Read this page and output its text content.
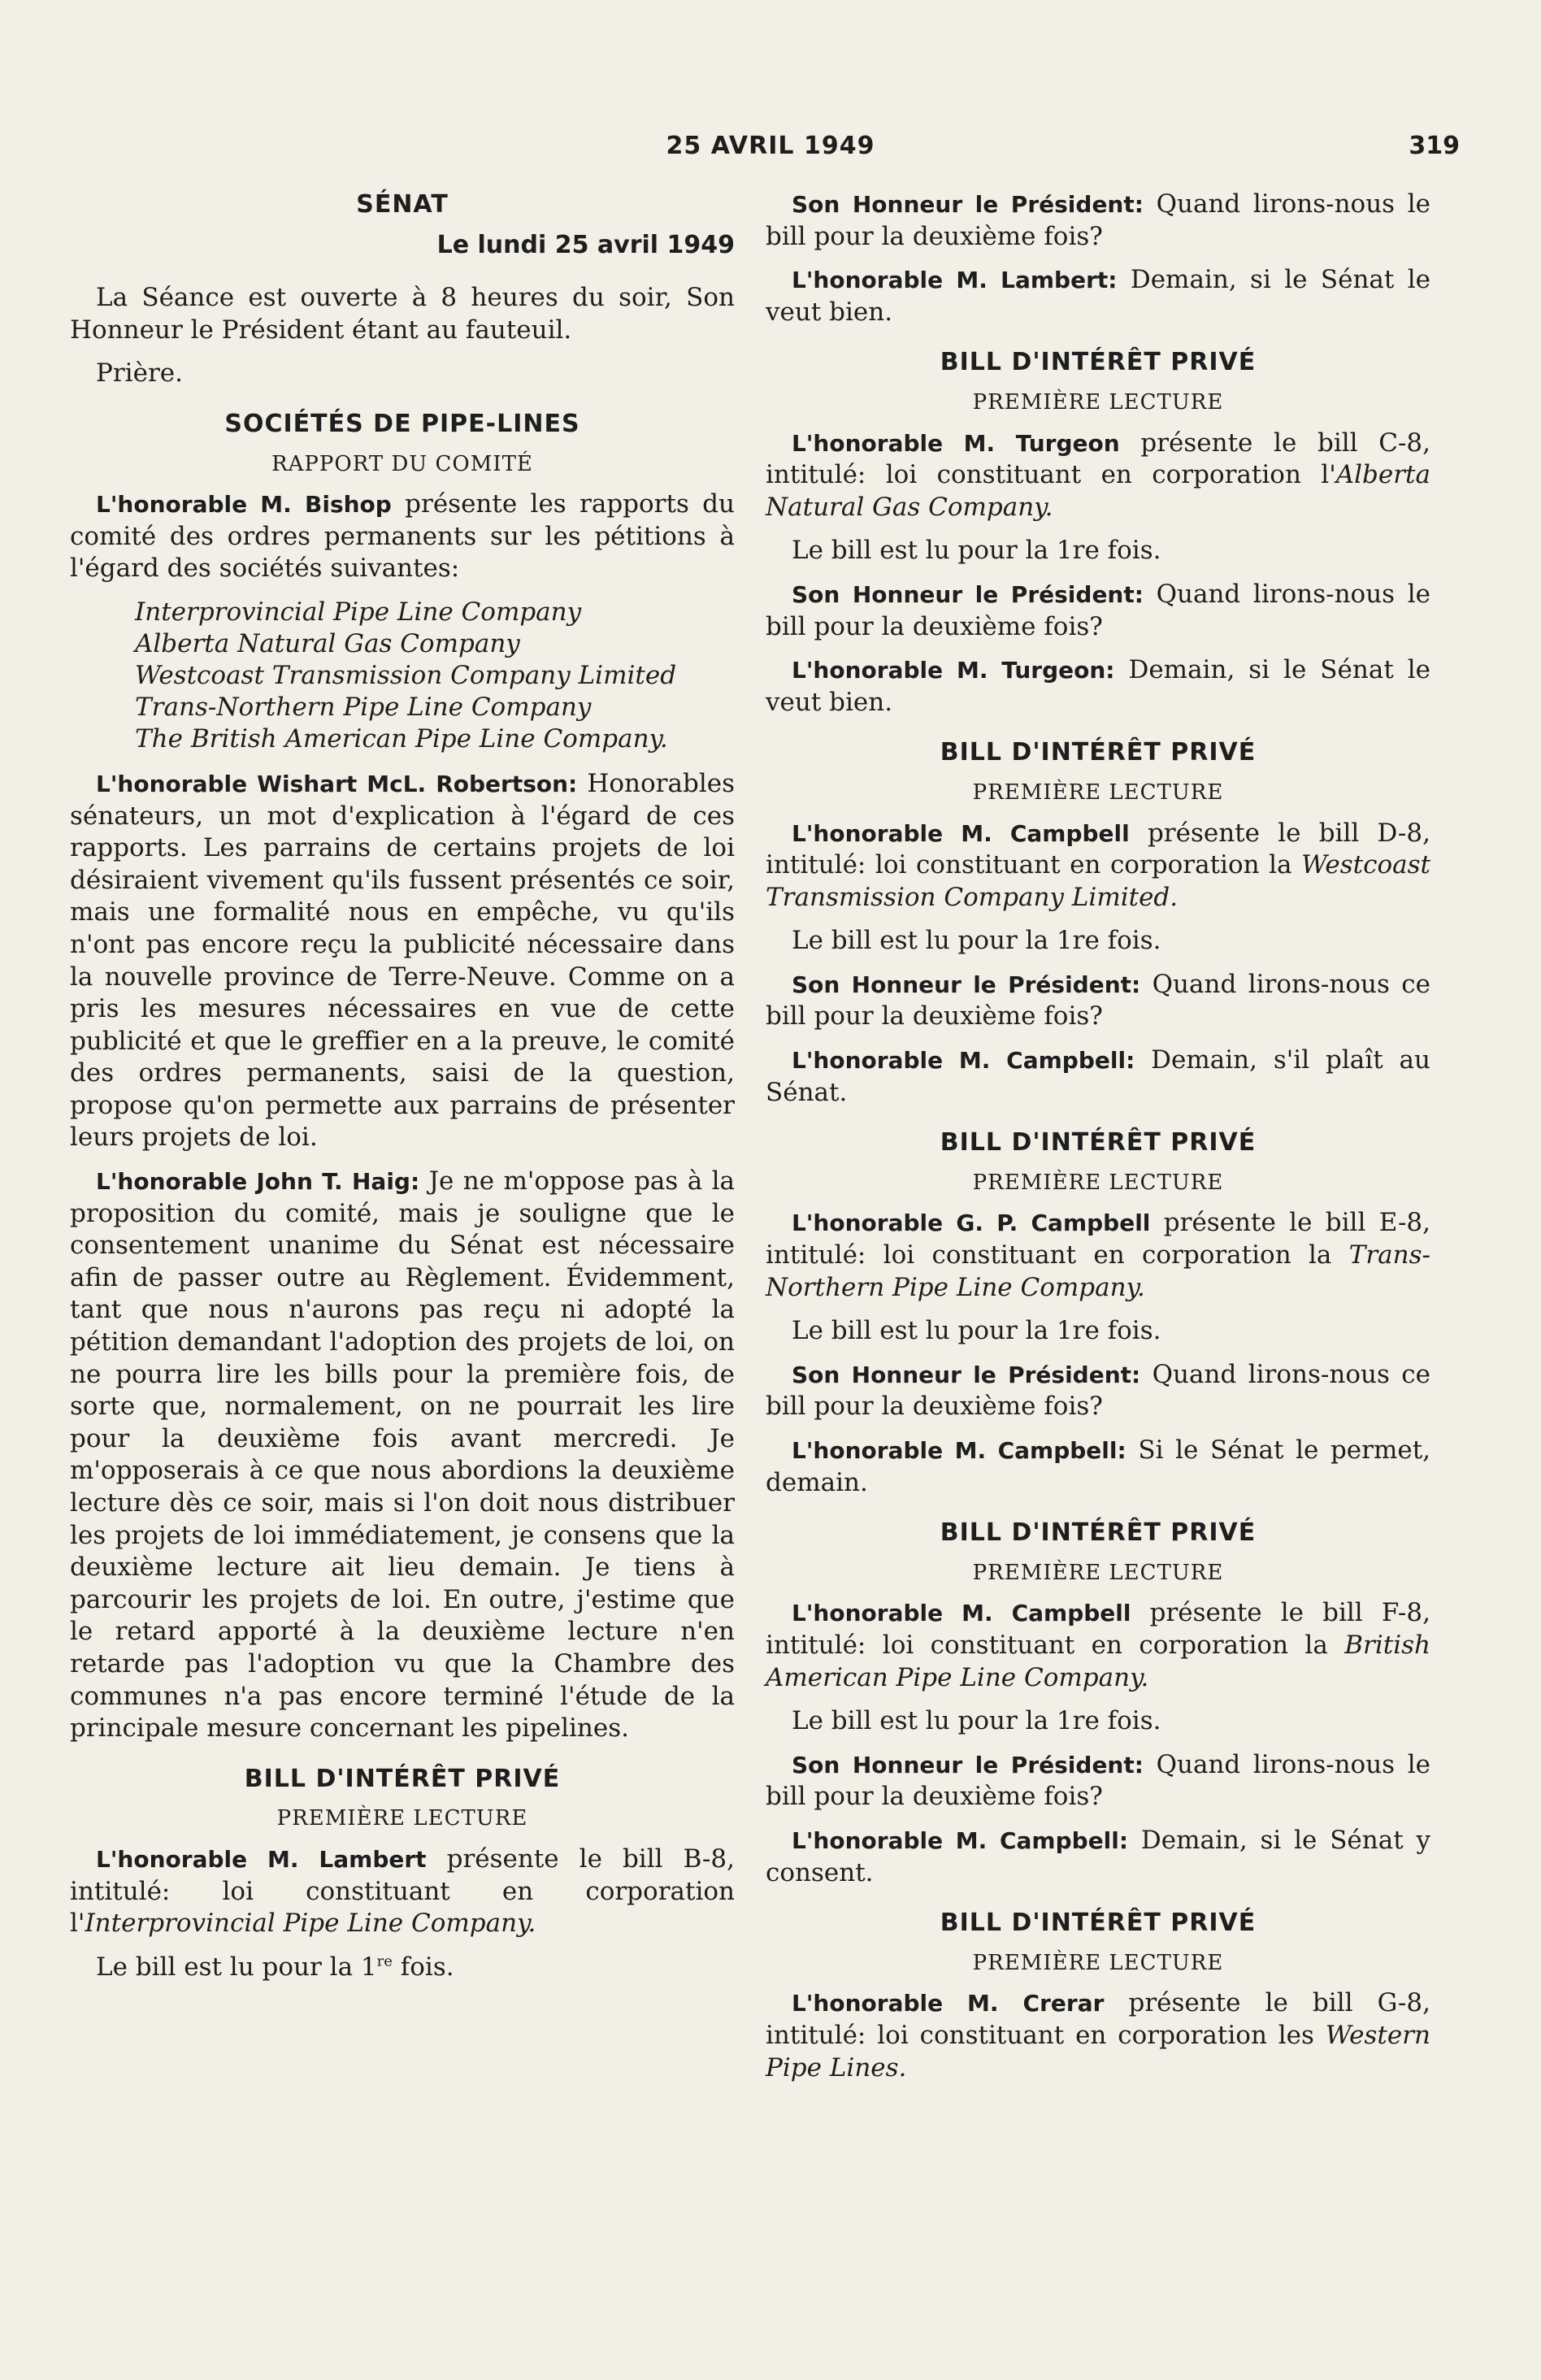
25 AVRIL 1949	319
SÉNAT
Le lundi 25 avril 1949

La Séance est ouverte à 8 heures du soir, Son Honneur le Président étant au fauteuil.

Prière.

SOCIÉTÉS DE PIPE-LINES
RAPPORT DU COMITÉ

L'honorable M. Bishop présente les rapports du comité des ordres permanents sur les pétitions à l'égard des sociétés suivantes:

Interprovincial Pipe Line Company
Alberta Natural Gas Company
Westcoast Transmission Company Limited
Trans-Northern Pipe Line Company
The British American Pipe Line Company.

L'honorable Wishart McL. Robertson: Honorables sénateurs, un mot d'explication à l'égard de ces rapports. Les parrains de certains projets de loi désiraient vivement qu'ils fussent présentés ce soir, mais une formalité nous en empêche, vu qu'ils n'ont pas encore reçu la publicité nécessaire dans la nouvelle province de Terre-Neuve. Comme on a pris les mesures nécessaires en vue de cette publicité et que le greffier en a la preuve, le comité des ordres permanents, saisi de la question, propose qu'on permette aux parrains de présenter leurs projets de loi.

L'honorable John T. Haig: Je ne m'oppose pas à la proposition du comité, mais je souligne que le consentement unanime du Sénat est nécessaire afin de passer outre au Règlement. Évidemment, tant que nous n'aurons pas reçu ni adopté la pétition demandant l'adoption des projets de loi, on ne pourra lire les bills pour la première fois, de sorte que, normalement, on ne pourrait les lire pour la deuxième fois avant mercredi. Je m'opposerais à ce que nous abordions la deuxième lecture dès ce soir, mais si l'on doit nous distribuer les projets de loi immédiatement, je consens que la deuxième lecture ait lieu demain. Je tiens à parcourir les projets de loi. En outre, j'estime que le retard apporté à la deuxième lecture n'en retarde pas l'adoption vu que la Chambre des communes n'a pas encore terminé l'étude de la principale mesure concernant les pipelines.

BILL D'INTÉRÊT PRIVÉ
PREMIÈRE LECTURE

L'honorable M. Lambert présente le bill B-8, intitulé: loi constituant en corporation l'Interprovincial Pipe Line Company.

Le bill est lu pour la 1re fois.

Son Honneur le Président: Quand lirons-nous le bill pour la deuxième fois?

L'honorable M. Lambert: Demain, si le Sénat le veut bien.

BILL D'INTÉRÊT PRIVÉ
PREMIÈRE LECTURE

L'honorable M. Turgeon présente le bill C-8, intitulé: loi constituant en corporation l'Alberta Natural Gas Company.

Le bill est lu pour la 1re fois.

Son Honneur le Président: Quand lirons-nous le bill pour la deuxième fois?

L'honorable M. Turgeon: Demain, si le Sénat le veut bien.

BILL D'INTÉRÊT PRIVÉ
PREMIÈRE LECTURE

L'honorable M. Campbell présente le bill D-8, intitulé: loi constituant en corporation la Westcoast Transmission Company Limited.

Le bill est lu pour la 1re fois.

Son Honneur le Président: Quand lirons-nous ce bill pour la deuxième fois?

L'honorable M. Campbell: Demain, s'il plaît au Sénat.

BILL D'INTÉRÊT PRIVÉ
PREMIÈRE LECTURE

L'honorable G. P. Campbell présente le bill E-8, intitulé: loi constituant en corporation la Trans-Northern Pipe Line Company.

Le bill est lu pour la 1re fois.

Son Honneur le Président: Quand lirons-nous ce bill pour la deuxième fois?

L'honorable M. Campbell: Si le Sénat le permet, demain.

BILL D'INTÉRÊT PRIVÉ
PREMIÈRE LECTURE

L'honorable M. Campbell présente le bill F-8, intitulé: loi constituant en corporation la British American Pipe Line Company.

Le bill est lu pour la 1re fois.

Son Honneur le Président: Quand lirons-nous le bill pour la deuxième fois?

L'honorable M. Campbell: Demain, si le Sénat y consent.

BILL D'INTÉRÊT PRIVÉ
PREMIÈRE LECTURE

L'honorable M. Crerar présente le bill G-8, intitulé: loi constituant en corporation les Western Pipe Lines.
